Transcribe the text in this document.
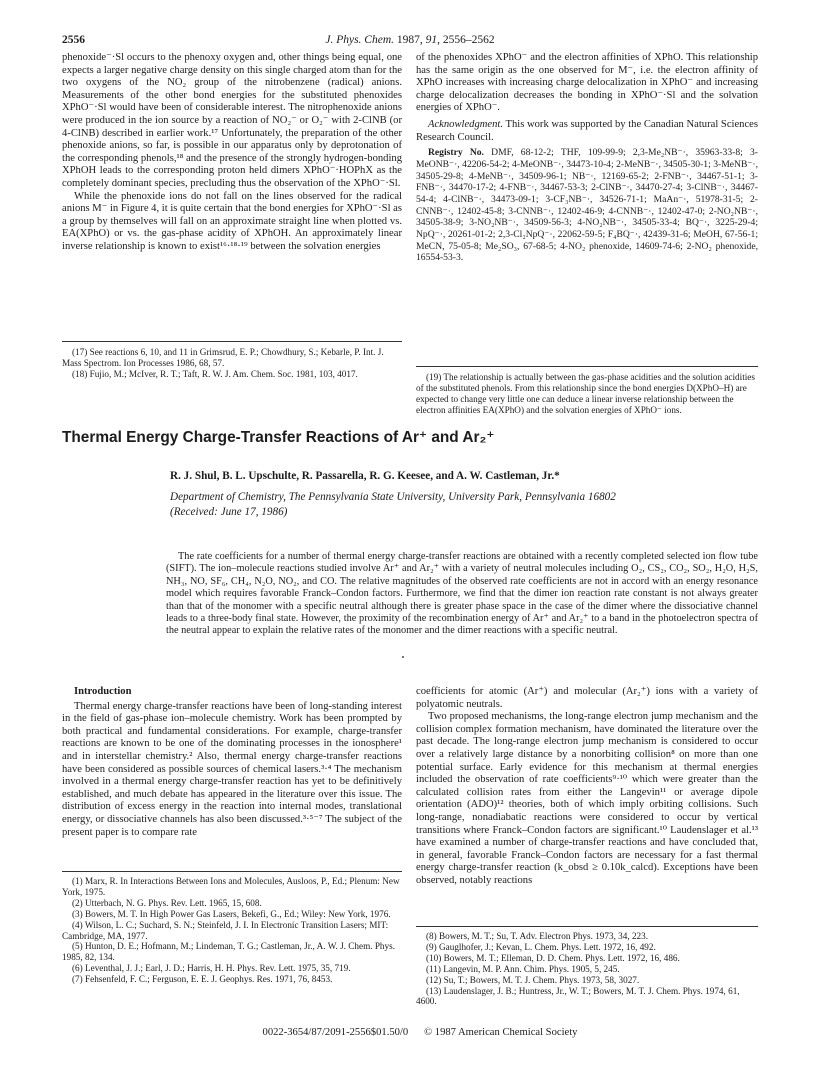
2556	J. Phys. Chem. 1987, 91, 2556–2562

phenoxide⁻·Sl occurs to the phenoxy oxygen and, other things being equal, one expects a larger negative charge density on this single charged atom than for the two oxygens of the NO₂ group of the nitrobenzene (radical) anions. Measurements of the other bond energies for the substituted phenoxides XPhO⁻·Sl would have been of considerable interest. The nitrophenoxide anions were produced in the ion source by a reaction of NO₂⁻ or O₂⁻ with 2-ClNB (or 4-ClNB) described in earlier work.¹⁷ Unfortunately, the preparation of the other phenoxide anions, so far, is possible in our apparatus only by deprotonation of the corresponding phenols,¹⁸ and the presence of the strongly hydrogen-bonding XPhOH leads to the corresponding proton held dimers XPhO⁻·HOPhX as the completely dominant species, precluding thus the observation of the XPhO⁻·Sl.

While the phenoxide ions do not fall on the lines observed for the radical anions M⁻ in Figure 4, it is quite certain that the bond energies for XPhO⁻·Sl as a group by themselves will fall on an approximate straight line when plotted vs. EA(XPhO) or vs. the gas-phase acidity of XPhOH. An approximately linear inverse relationship is known to exist¹⁶·¹⁸·¹⁹ between the solvation energies

(17) See reactions 6, 10, and 11 in Grimsrud, E. P.; Chowdhury, S.; Kebarle, P. Int. J. Mass Spectrom. Ion Processes 1986, 68, 57.

(18) Fujio, M.; McIver, R. T.; Taft, R. W. J. Am. Chem. Soc. 1981, 103, 4017.

of the phenoxides XPhO⁻ and the electron affinities of XPhO. This relationship has the same origin as the one observed for M⁻, i.e. the electron affinity of XPhO increases with increasing charge delocalization in XPhO⁻ and increasing charge delocalization decreases the bonding in XPhO⁻·Sl and the solvation energies of XPhO⁻.

Acknowledgment. This work was supported by the Canadian Natural Sciences Research Council.

Registry No. DMF, 68-12-2; THF, 109-99-9; 2,3-Me₂NB⁻·, 35963-33-8; 3-MeONB⁻·, 42206-54-2; 4-MeONB⁻·, 34473-10-4; 2-MeNB⁻·, 34505-30-1; 3-MeNB⁻·, 34505-29-8; 4-MeNB⁻·, 34509-96-1; NB⁻·, 12169-65-2; 2-FNB⁻·, 34467-51-1; 3-FNB⁻·, 34470-17-2; 4-FNB⁻·, 34467-53-3; 2-ClNB⁻·, 34470-27-4; 3-ClNB⁻·, 34467-54-4; 4-ClNB⁻·, 34473-09-1; 3-CF₃NB⁻·, 34526-71-1; MaAn⁻·, 51978-31-5; 2-CNNB⁻·, 12402-45-8; 3-CNNB⁻·, 12402-46-9; 4-CNNB⁻·, 12402-47-0; 2-NO₂NB⁻·, 34505-38-9; 3-NO₂NB⁻·, 34509-56-3; 4-NO₂NB⁻·, 34505-33-4; BQ⁻·, 3225-29-4; NpQ⁻·, 20261-01-2; 2,3-Cl₂NpQ⁻·, 22062-59-5; F₄BQ⁻·, 42439-31-6; MeOH, 67-56-1; MeCN, 75-05-8; Me₂SO₃, 67-68-5; 4-NO₂ phenoxide, 14609-74-6; 2-NO₂ phenoxide, 16554-53-3.

(19) The relationship is actually between the gas-phase acidities and the solution acidities of the substituted phenols. From this relationship since the bond energies D(XPhO–H) are expected to change very little one can deduce a linear inverse relationship between the electron affinities EA(XPhO) and the solvation energies of XPhO⁻ ions.

Thermal Energy Charge-Transfer Reactions of Ar⁺ and Ar₂⁺
R. J. Shul, B. L. Upschulte, R. Passarella, R. G. Keesee, and A. W. Castleman, Jr.*
Department of Chemistry, The Pennsylvania State University, University Park, Pennsylvania 16802
(Received: June 17, 1986)
The rate coefficients for a number of thermal energy charge-transfer reactions are obtained with a recently completed selected ion flow tube (SIFT). The ion–molecule reactions studied involve Ar⁺ and Ar₂⁺ with a variety of neutral molecules including O₂, CS₂, CO₂, SO₂, H₂O, H₂S, NH₃, NO, SF₆, CH₄, N₂O, NO₂, and CO. The relative magnitudes of the observed rate coefficients are not in accord with an energy resonance model which requires favorable Franck–Condon factors. Furthermore, we find that the dimer ion reaction rate constant is not always greater than that of the monomer with a specific neutral although there is greater phase space in the case of the dimer where the dissociative channel leads to a three-body final state. However, the proximity of the recombination energy of Ar⁺ and Ar₂⁺ to a band in the photoelectron spectra of the neutral appear to explain the relative rates of the monomer and the dimer reactions with a specific neutral.

Introduction

Thermal energy charge-transfer reactions have been of long-standing interest in the field of gas-phase ion–molecule chemistry. Work has been prompted by both practical and fundamental considerations. For example, charge-transfer reactions are known to be one of the dominating processes in the ionosphere¹ and in interstellar chemistry.² Also, thermal energy charge-transfer reactions have been considered as possible sources of chemical lasers.³·⁴ The mechanism involved in a thermal energy charge-transfer reaction has yet to be definitively established, and much debate has appeared in the literature over this issue. The distribution of excess energy in the reaction into internal modes, translational energy, or dissociative channels has also been discussed.³·⁵⁻⁷ The subject of the present paper is to compare rate

(1) Marx, R. In Interactions Between Ions and Molecules, Ausloos, P., Ed.; Plenum: New York, 1975.

(2) Utterbach, N. G. Phys. Rev. Lett. 1965, 15, 608.

(3) Bowers, M. T. In High Power Gas Lasers, Bekefi, G., Ed.; Wiley: New York, 1976.

(4) Wilson, L. C.; Suchard, S. N.; Steinfeld, J. I. In Electronic Transition Lasers; MIT: Cambridge, MA, 1977.

(5) Hunton, D. E.; Hofmann, M.; Lindeman, T. G.; Castleman, Jr., A. W. J. Chem. Phys. 1985, 82, 134.

(6) Leventhal, J. J.; Earl, J. D.; Harris, H. H. Phys. Rev. Lett. 1975, 35, 719.

(7) Fehsenfeld, F. C.; Ferguson, E. E. J. Geophys. Res. 1971, 76, 8453.

coefficients for atomic (Ar⁺) and molecular (Ar₂⁺) ions with a variety of polyatomic neutrals.

Two proposed mechanisms, the long-range electron jump mechanism and the collision complex formation mechanism, have dominated the literature over the past decade. The long-range electron jump mechanism is considered to occur over a relatively large distance by a nonorbiting collision⁸ on more than one potential surface. Early evidence for this mechanism at thermal energies included the observation of rate coefficients⁹·¹⁰ which were greater than the calculated collision rates from either the Langevin¹¹ or average dipole orientation (ADO)¹² theories, both of which imply orbiting collisions. Such long-range, nonadiabatic reactions were considered to occur by vertical transitions where Franck–Condon factors are significant.¹⁰ Laudenslager et al.¹³ have examined a number of charge-transfer reactions and have concluded that, in general, favorable Franck–Condon factors are necessary for a fast thermal energy charge-transfer reaction (k_obsd ≥ 0.10k_calcd). Exceptions have been observed, notably reactions

(8) Bowers, M. T.; Su, T. Adv. Electron Phys. 1973, 34, 223.

(9) Gauglhofer, J.; Kevan, L. Chem. Phys. Lett. 1972, 16, 492.

(10) Bowers, M. T.; Elleman, D. D. Chem. Phys. Lett. 1972, 16, 486.

(11) Langevin, M. P. Ann. Chim. Phys. 1905, 5, 245.

(12) Su, T.; Bowers, M. T. J. Chem. Phys. 1973, 58, 3027.

(13) Laudenslager, J. B.; Huntress, Jr., W. T.; Bowers, M. T. J. Chem. Phys. 1974, 61, 4600.

0022-3654/87/2091-2556$01.50/0 © 1987 American Chemical Society
